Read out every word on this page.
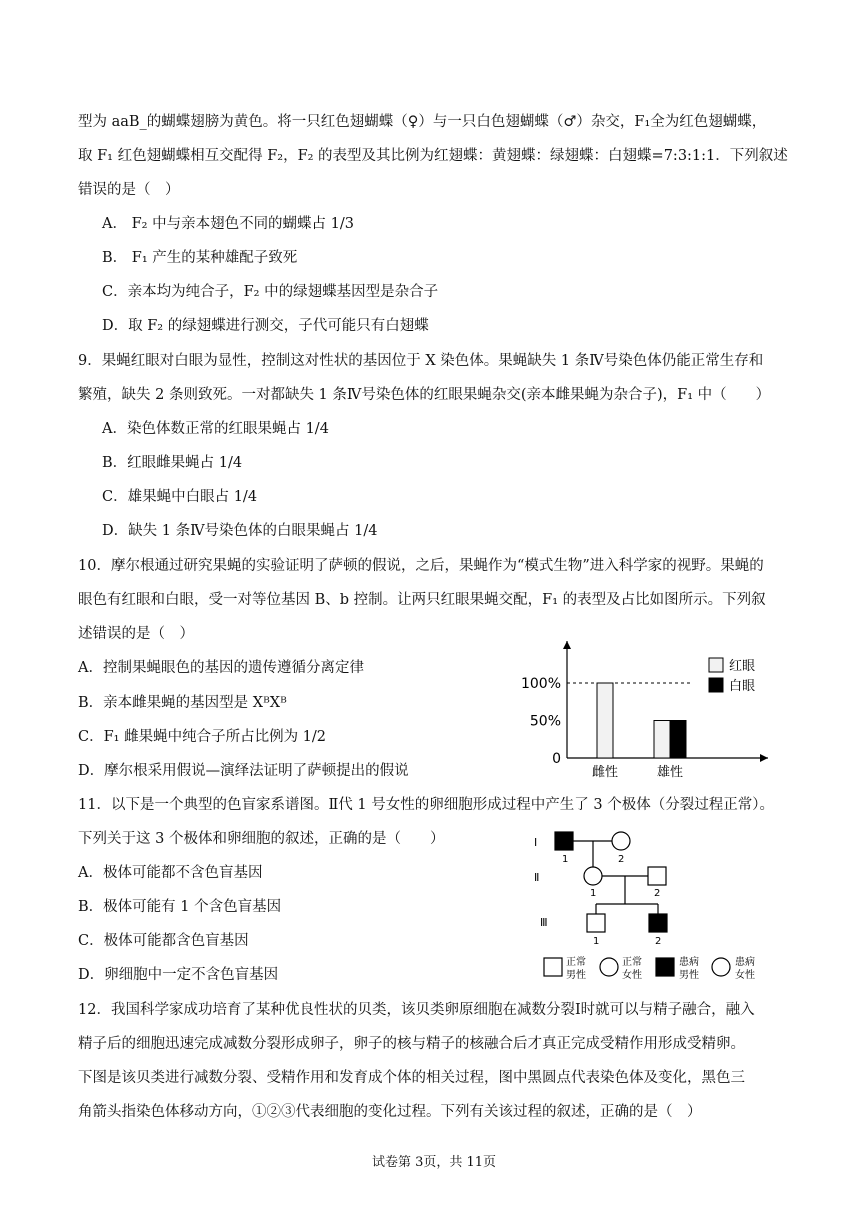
型为 aaB_的蝴蝶翅膀为黄色。将一只红色翅蝴蝶（♀）与一只白色翅蝴蝶（♂）杂交，F₁全为红色翅蝴蝶，
取 F₁ 红色翅蝴蝶相互交配得 F₂，F₂ 的表型及其比例为红翅蝶：黄翅蝶：绿翅蝶：白翅蝶=7:3:1:1．下列叙述
错误的是（　）
A． F₂ 中与亲本翅色不同的蝴蝶占 1/3
B． F₁ 产生的某种雄配子致死
C．亲本均为纯合子，F₂ 中的绿翅蝶基因型是杂合子
D．取 F₂ 的绿翅蝶进行测交，子代可能只有白翅蝶
9．果蝇红眼对白眼为显性，控制这对性状的基因位于 X 染色体。果蝇缺失 1 条Ⅳ号染色体仍能正常生存和
繁殖，缺失 2 条则致死。一对都缺失 1 条Ⅳ号染色体的红眼果蝇杂交(亲本雌果蝇为杂合子)，F₁ 中（　　）
A．染色体数正常的红眼果蝇占 1/4
B．红眼雌果蝇占 1/4
C．雄果蝇中白眼占 1/4
D．缺失 1 条Ⅳ号染色体的白眼果蝇占 1/4
10．摩尔根通过研究果蝇的实验证明了萨顿的假说，之后，果蝇作为“模式生物”进入科学家的视野。果蝇的
眼色有红眼和白眼，受一对等位基因 B、b 控制。让两只红眼果蝇交配，F₁ 的表型及占比如图所示。下列叙
述错误的是（　）
A．控制果蝇眼色的基因的遗传遵循分离定律
B．亲本雌果蝇的基因型是 XᴮXᴮ
C．F₁ 雌果蝇中纯合子所占比例为 1/2
D．摩尔根采用假说—演绎法证明了萨顿提出的假说
0
50%
100%
雌性	雄性
红眼
白眼
11．以下是一个典型的色盲家系谱图。Ⅱ代 1 号女性的卵细胞形成过程中产生了 3 个极体（分裂过程正常）。
下列关于这 3 个极体和卵细胞的叙述，正确的是（　　）
A．极体可能都不含色盲基因
B．极体可能有 1 个含色盲基因
C．极体可能都含色盲基因
D．卵细胞中一定不含色盲基因
Ⅰ
1	2
Ⅱ
1	2
Ⅲ
1	2
正常
男性
正常
女性
患病
男性
患病
女性
12．我国科学家成功培育了某种优良性状的贝类，该贝类卵原细胞在减数分裂Ⅰ时就可以与精子融合，融入
精子后的细胞迅速完成减数分裂形成卵子，卵子的核与精子的核融合后才真正完成受精作用形成受精卵。
下图是该贝类进行减数分裂、受精作用和发育成个体的相关过程，图中黑圆点代表染色体及变化，黑色三
角箭头指染色体移动方向，①②③代表细胞的变化过程。下列有关该过程的叙述，正确的是（　）
试卷第 3页，共 11页
